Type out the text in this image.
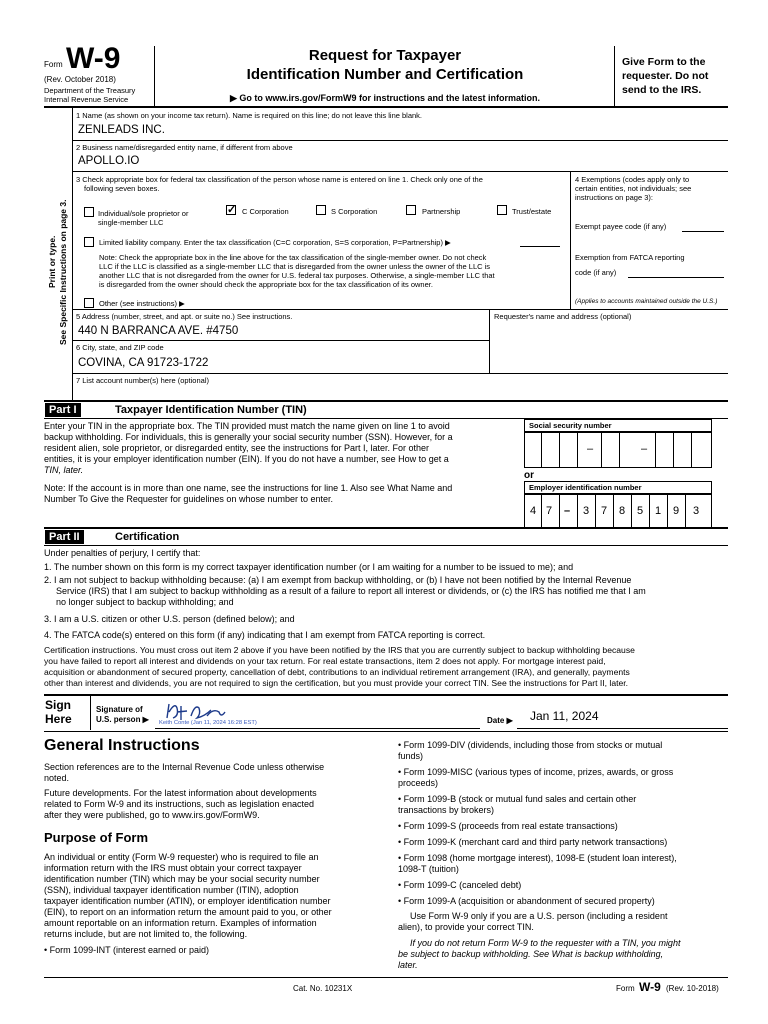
Form W-9
(Rev. October 2018)
Department of the Treasury
Internal Revenue Service
Request for Taxpayer
Identification Number and Certification
▶ Go to www.irs.gov/FormW9 for instructions and the latest information.
Give Form to the requester. Do not send to the IRS.
Print or type. See Specific Instructions on page 3.
1 Name (as shown on your income tax return). Name is required on this line; do not leave this line blank.
ZENLEADS INC.
2 Business name/disregarded entity name, if different from above
APOLLO.IO
3 Check appropriate box for federal tax classification of the person whose name is entered on line 1. Check only one of the
following seven boxes.
Individual/sole proprietor or
single-member LLC
✓ C Corporation	S Corporation	Partnership	Trust/estate
Limited liability company. Enter the tax classification (C=C corporation, S=S corporation, P=Partnership) ▶
Note: Check the appropriate box in the line above for the tax classification of the single-member owner. Do not check
LLC if the LLC is classified as a single-member LLC that is disregarded from the owner unless the owner of the LLC is
another LLC that is not disregarded from the owner for U.S. federal tax purposes. Otherwise, a single-member LLC that
is disregarded from the owner should check the appropriate box for the tax classification of its owner.
Other (see instructions) ▶
4 Exemptions (codes apply only to
certain entities, not individuals; see
instructions on page 3):
Exempt payee code (if any)
Exemption from FATCA reporting
code (if any)
(Applies to accounts maintained outside the U.S.)
5 Address (number, street, and apt. or suite no.) See instructions.	Requester's name and address (optional)
440 N BARRANCA AVE. #4750
6 City, state, and ZIP code
COVINA, CA 91723-1722
7 List account number(s) here (optional)
Part I	Taxpayer Identification Number (TIN)
Enter your TIN in the appropriate box. The TIN provided must match the name given on line 1 to avoid
backup withholding. For individuals, this is generally your social security number (SSN). However, for a
resident alien, sole proprietor, or disregarded entity, see the instructions for Part I, later. For other
entities, it is your employer identification number (EIN). If you do not have a number, see How to get a
TIN, later.
Note: If the account is in more than one name, see the instructions for line 1. Also see What Name and
Number To Give the Requester for guidelines on whose number to enter.
Social security number
–	–
or
Employer identification number
4 7	–	3	7	8	5	1	9	3
Part II	Certification
Under penalties of perjury, I certify that:
1. The number shown on this form is my correct taxpayer identification number (or I am waiting for a number to be issued to me); and
2. I am not subject to backup withholding because: (a) I am exempt from backup withholding, or (b) I have not been notified by the Internal Revenue
Service (IRS) that I am subject to backup withholding as a result of a failure to report all interest or dividends, or (c) the IRS has notified me that I am
no longer subject to backup withholding; and
3. I am a U.S. citizen or other U.S. person (defined below); and
4. The FATCA code(s) entered on this form (if any) indicating that I am exempt from FATCA reporting is correct.
Certification instructions. You must cross out item 2 above if you have been notified by the IRS that you are currently subject to backup withholding because
you have failed to report all interest and dividends on your tax return. For real estate transactions, item 2 does not apply. For mortgage interest paid,
acquisition or abandonment of secured property, cancellation of debt, contributions to an individual retirement arrangement (IRA), and generally, payments
other than interest and dividends, you are not required to sign the certification, but you must provide your correct TIN. See the instructions for Part II, later.
Sign
Here
Signature of
U.S. person ▶ Keith Conte (Jan 11, 2024 16:28 EST)	Date ▶ Jan 11, 2024
General Instructions
Section references are to the Internal Revenue Code unless otherwise
noted.
Future developments. For the latest information about developments
related to Form W-9 and its instructions, such as legislation enacted
after they were published, go to www.irs.gov/FormW9.
Purpose of Form
An individual or entity (Form W-9 requester) who is required to file an
information return with the IRS must obtain your correct taxpayer
identification number (TIN) which may be your social security number
(SSN), individual taxpayer identification number (ITIN), adoption
taxpayer identification number (ATIN), or employer identification number
(EIN), to report on an information return the amount paid to you, or other
amount reportable on an information return. Examples of information
returns include, but are not limited to, the following.
• Form 1099-INT (interest earned or paid)
• Form 1099-DIV (dividends, including those from stocks or mutual
funds)
• Form 1099-MISC (various types of income, prizes, awards, or gross
proceeds)
• Form 1099-B (stock or mutual fund sales and certain other
transactions by brokers)
• Form 1099-S (proceeds from real estate transactions)
• Form 1099-K (merchant card and third party network transactions)
• Form 1098 (home mortgage interest), 1098-E (student loan interest),
1098-T (tuition)
• Form 1099-C (canceled debt)
• Form 1099-A (acquisition or abandonment of secured property)
Use Form W-9 only if you are a U.S. person (including a resident
alien), to provide your correct TIN.
If you do not return Form W-9 to the requester with a TIN, you might
be subject to backup withholding. See What is backup withholding,
later.
Cat. No. 10231X	Form W-9 (Rev. 10-2018)
